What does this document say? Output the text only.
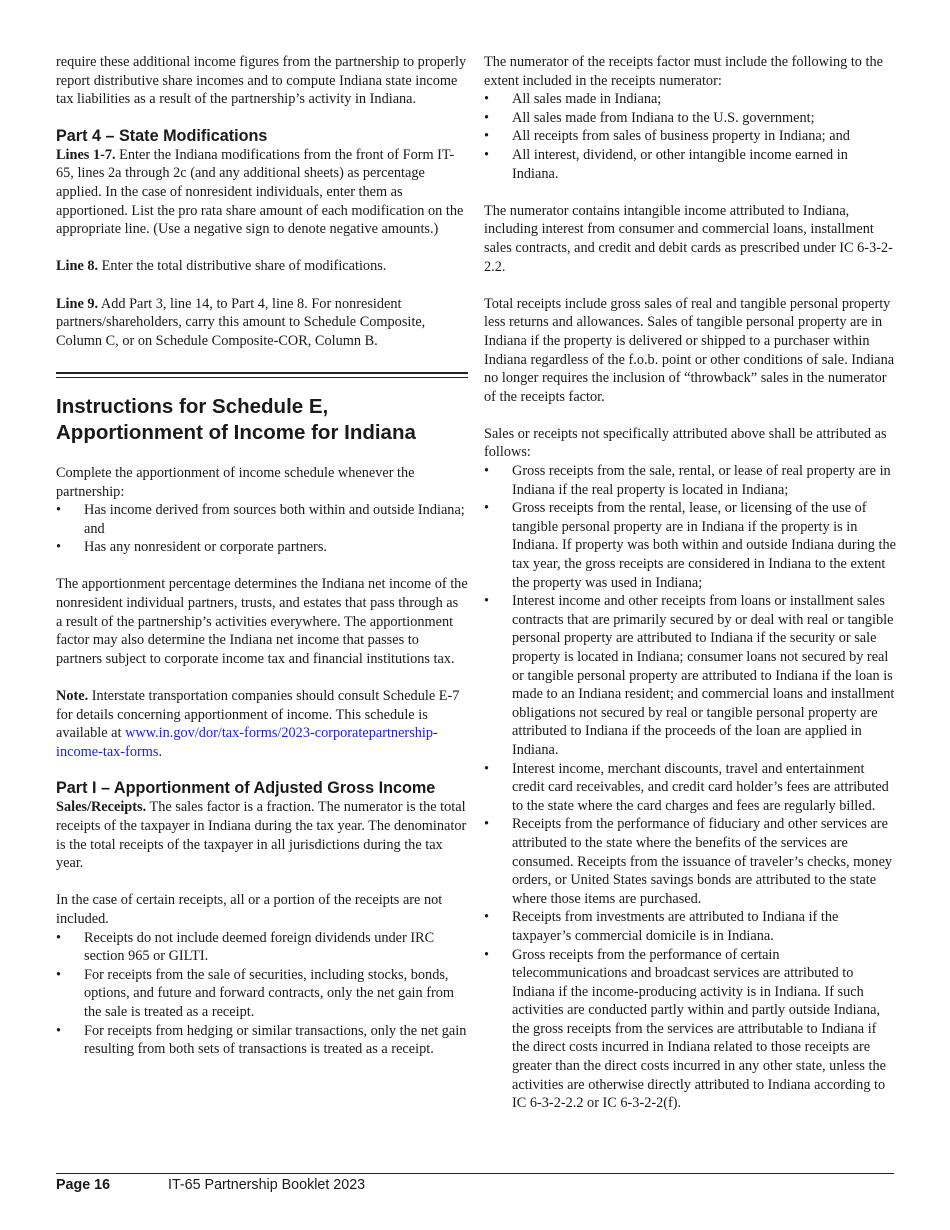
require these additional income figures from the partnership to properly report distributive share incomes and to compute Indiana state income tax liabilities as a result of the partnership’s activity in Indiana.

Part 4 – State Modifications

Lines 1-7. Enter the Indiana modifications from the front of Form IT-65, lines 2a through 2c (and any additional sheets) as percentage applied. In the case of nonresident individuals, enter them as apportioned. List the pro rata share amount of each modification on the appropriate line. (Use a negative sign to denote negative amounts.)

Line 8. Enter the total distributive share of modifications.

Line 9. Add Part 3, line 14, to Part 4, line 8. For nonresident partners/shareholders, carry this amount to Schedule Composite, Column C, or on Schedule Composite-COR, Column B.

Instructions for Schedule E, Apportionment of Income for Indiana

Complete the apportionment of income schedule whenever the partnership:

• Has income derived from sources both within and outside Indiana; and
• Has any nonresident or corporate partners.

The apportionment percentage determines the Indiana net income of the nonresident individual partners, trusts, and estates that pass through as a result of the partnership’s activities everywhere. The apportionment factor may also determine the Indiana net income that passes to partners subject to corporate income tax and financial institutions tax.

Note. Interstate transportation companies should consult Schedule E-7 for details concerning apportionment of income. This schedule is available at www.in.gov/dor/tax-forms/2023-corporatepartnership-income-tax-forms.

Part I – Apportionment of Adjusted Gross Income

Sales/Receipts. The sales factor is a fraction. The numerator is the total receipts of the taxpayer in Indiana during the tax year. The denominator is the total receipts of the taxpayer in all jurisdictions during the tax year.

In the case of certain receipts, all or a portion of the receipts are not included.

• Receipts do not include deemed foreign dividends under IRC section 965 or GILTI.
• For receipts from the sale of securities, including stocks, bonds, options, and future and forward contracts, only the net gain from the sale is treated as a receipt.
• For receipts from hedging or similar transactions, only the net gain resulting from both sets of transactions is treated as a receipt.

The numerator of the receipts factor must include the following to the extent included in the receipts numerator:

• All sales made in Indiana;
• All sales made from Indiana to the U.S. government;
• All receipts from sales of business property in Indiana; and
• All interest, dividend, or other intangible income earned in Indiana.

The numerator contains intangible income attributed to Indiana, including interest from consumer and commercial loans, installment sales contracts, and credit and debit cards as prescribed under IC 6-3-2-2.2.

Total receipts include gross sales of real and tangible personal property less returns and allowances. Sales of tangible personal property are in Indiana if the property is delivered or shipped to a purchaser within Indiana regardless of the f.o.b. point or other conditions of sale. Indiana no longer requires the inclusion of “throwback” sales in the numerator of the receipts factor.

Sales or receipts not specifically attributed above shall be attributed as follows:

• Gross receipts from the sale, rental, or lease of real property are in Indiana if the real property is located in Indiana;
• Gross receipts from the rental, lease, or licensing of the use of tangible personal property are in Indiana if the property is in Indiana. If property was both within and outside Indiana during the tax year, the gross receipts are considered in Indiana to the extent the property was used in Indiana;
• Interest income and other receipts from loans or installment sales contracts that are primarily secured by or deal with real or tangible personal property are attributed to Indiana if the security or sale property is located in Indiana; consumer loans not secured by real or tangible personal property are attributed to Indiana if the loan is made to an Indiana resident; and commercial loans and installment obligations not secured by real or tangible personal property are attributed to Indiana if the proceeds of the loan are applied in Indiana.
• Interest income, merchant discounts, travel and entertainment credit card receivables, and credit card holder’s fees are attributed to the state where the card charges and fees are regularly billed.
• Receipts from the performance of fiduciary and other services are attributed to the state where the benefits of the services are consumed. Receipts from the issuance of traveler’s checks, money orders, or United States savings bonds are attributed to the state where those items are purchased.
• Receipts from investments are attributed to Indiana if the taxpayer’s commercial domicile is in Indiana.
• Gross receipts from the performance of certain telecommunications and broadcast services are attributed to Indiana if the income-producing activity is in Indiana. If such activities are conducted partly within and partly outside Indiana, the gross receipts from the services are attributable to Indiana if the direct costs incurred in Indiana related to those receipts are greater than the direct costs incurred in any other state, unless the activities are otherwise directly attributed to Indiana according to IC 6-3-2-2.2 or IC 6-3-2-2(f).
Page 16	IT-65 Partnership Booklet 2023
